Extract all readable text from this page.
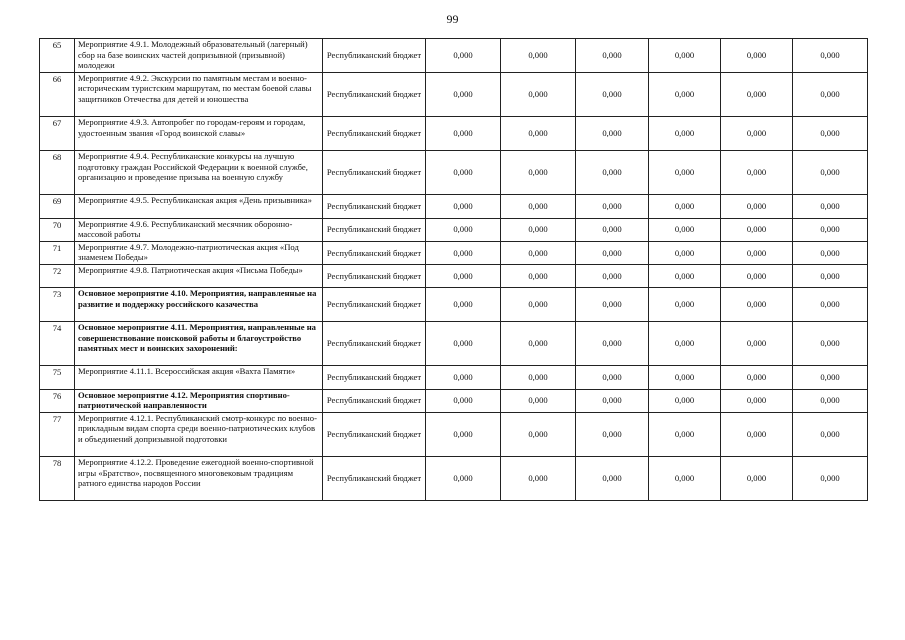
99
65	Мероприятие 4.9.1. Молодежный образовательный (лагерный) сбор на базе воинских частей допризывной (призывной) молодежи	Республиканский бюджет	0,000	0,000	0,000	0,000	0,000	0,000
66	Мероприятие 4.9.2. Экскурсии по памятным местам и военно-историческим туристским маршрутам, по местам боевой славы защитников Отечества для детей и юношества	Республиканский бюджет	0,000	0,000	0,000	0,000	0,000	0,000
67	Мероприятие 4.9.3. Автопробег по городам-героям и городам, удостоенным звания «Город воинской славы»	Республиканский бюджет	0,000	0,000	0,000	0,000	0,000	0,000
68	Мероприятие 4.9.4. Республиканские конкурсы на лучшую подготовку граждан Российской Федерации к военной службе, организацию и проведение призыва на военную службу	Республиканский бюджет	0,000	0,000	0,000	0,000	0,000	0,000
69	Мероприятие 4.9.5. Республиканская акция «День призывника»	Республиканский бюджет	0,000	0,000	0,000	0,000	0,000	0,000
70	Мероприятие 4.9.6. Республиканский месячник оборонно-массовой работы	Республиканский бюджет	0,000	0,000	0,000	0,000	0,000	0,000
71	Мероприятие 4.9.7. Молодежно-патриотическая акция «Под знаменем Победы»	Республиканский бюджет	0,000	0,000	0,000	0,000	0,000	0,000
72	Мероприятие 4.9.8. Патриотическая акция «Письма Победы»	Республиканский бюджет	0,000	0,000	0,000	0,000	0,000	0,000
73	Основное мероприятие 4.10. Мероприятия, направленные на развитие и поддержку российского казачества	Республиканский бюджет	0,000	0,000	0,000	0,000	0,000	0,000
74	Основное мероприятие 4.11. Мероприятия, направленные на совершенствование поисковой работы и благоустройство памятных мест и воинских захоронений:	Республиканский бюджет	0,000	0,000	0,000	0,000	0,000	0,000
75	Мероприятие 4.11.1. Всероссийская акция «Вахта Памяти»	Республиканский бюджет	0,000	0,000	0,000	0,000	0,000	0,000
76	Основное мероприятие 4.12. Мероприятия спортивно-патриотической направленности	Республиканский бюджет	0,000	0,000	0,000	0,000	0,000	0,000
77	Мероприятие 4.12.1. Республиканский смотр-конкурс по военно-прикладным видам спорта среди военно-патриотических клубов и объединений допризывной подготовки	Республиканский бюджет	0,000	0,000	0,000	0,000	0,000	0,000
78	Мероприятие 4.12.2. Проведение ежегодной военно-спортивной игры «Братство», посвященного многовековым традициям ратного единства народов России	Республиканский бюджет	0,000	0,000	0,000	0,000	0,000	0,000
